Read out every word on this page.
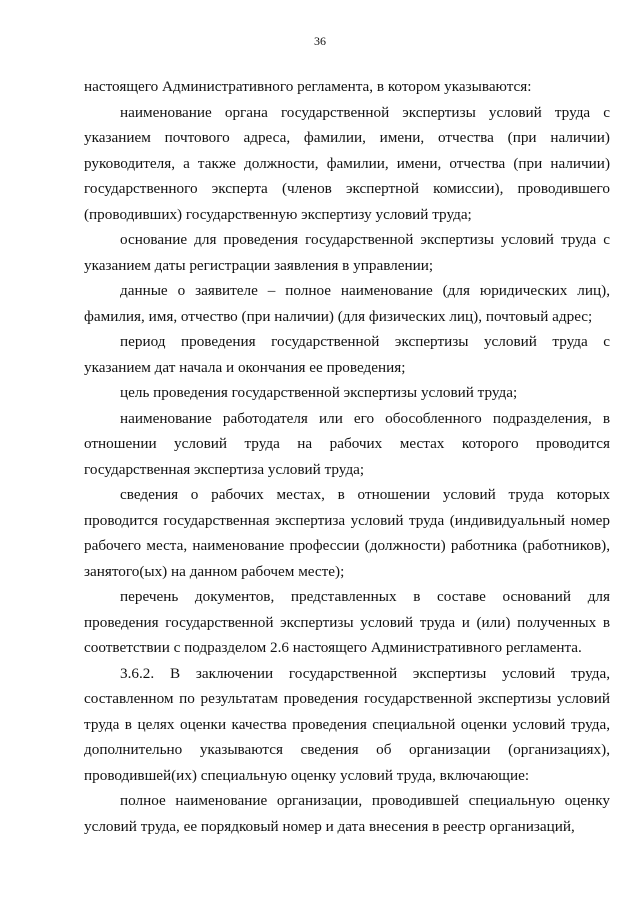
36

настоящего Административного регламента, в котором указываются:

наименование органа государственной экспертизы условий труда с указанием почтового адреса, фамилии, имени, отчества (при наличии) руководителя, а также должности, фамилии, имени, отчества (при наличии) государственного эксперта (членов экспертной комиссии), проводившего (проводивших) государственную экспертизу условий труда;

основание для проведения государственной экспертизы условий труда с указанием даты регистрации заявления в управлении;

данные о заявителе – полное наименование (для юридических лиц), фамилия, имя, отчество (при наличии) (для физических лиц), почтовый адрес;

период проведения государственной экспертизы условий труда с указанием дат начала и окончания ее проведения;

цель проведения государственной экспертизы условий труда;

наименование работодателя или его обособленного подразделения, в отношении условий труда на рабочих местах которого проводится государственная экспертиза условий труда;

сведения о рабочих местах, в отношении условий труда которых проводится государственная экспертиза условий труда (индивидуальный номер рабочего места, наименование профессии (должности) работника (работников), занятого(ых) на данном рабочем месте);

перечень документов, представленных в составе оснований для проведения государственной экспертизы условий труда и (или) полученных в соответствии с подразделом 2.6 настоящего Административного регламента.

3.6.2. В заключении государственной экспертизы условий труда, составленном по результатам проведения государственной экспертизы условий труда в целях оценки качества проведения специальной оценки условий труда, дополнительно указываются сведения об организации (организациях), проводившей(их) специальную оценку условий труда, включающие:

полное наименование организации, проводившей специальную оценку условий труда, ее порядковый номер и дата внесения в реестр организаций,
